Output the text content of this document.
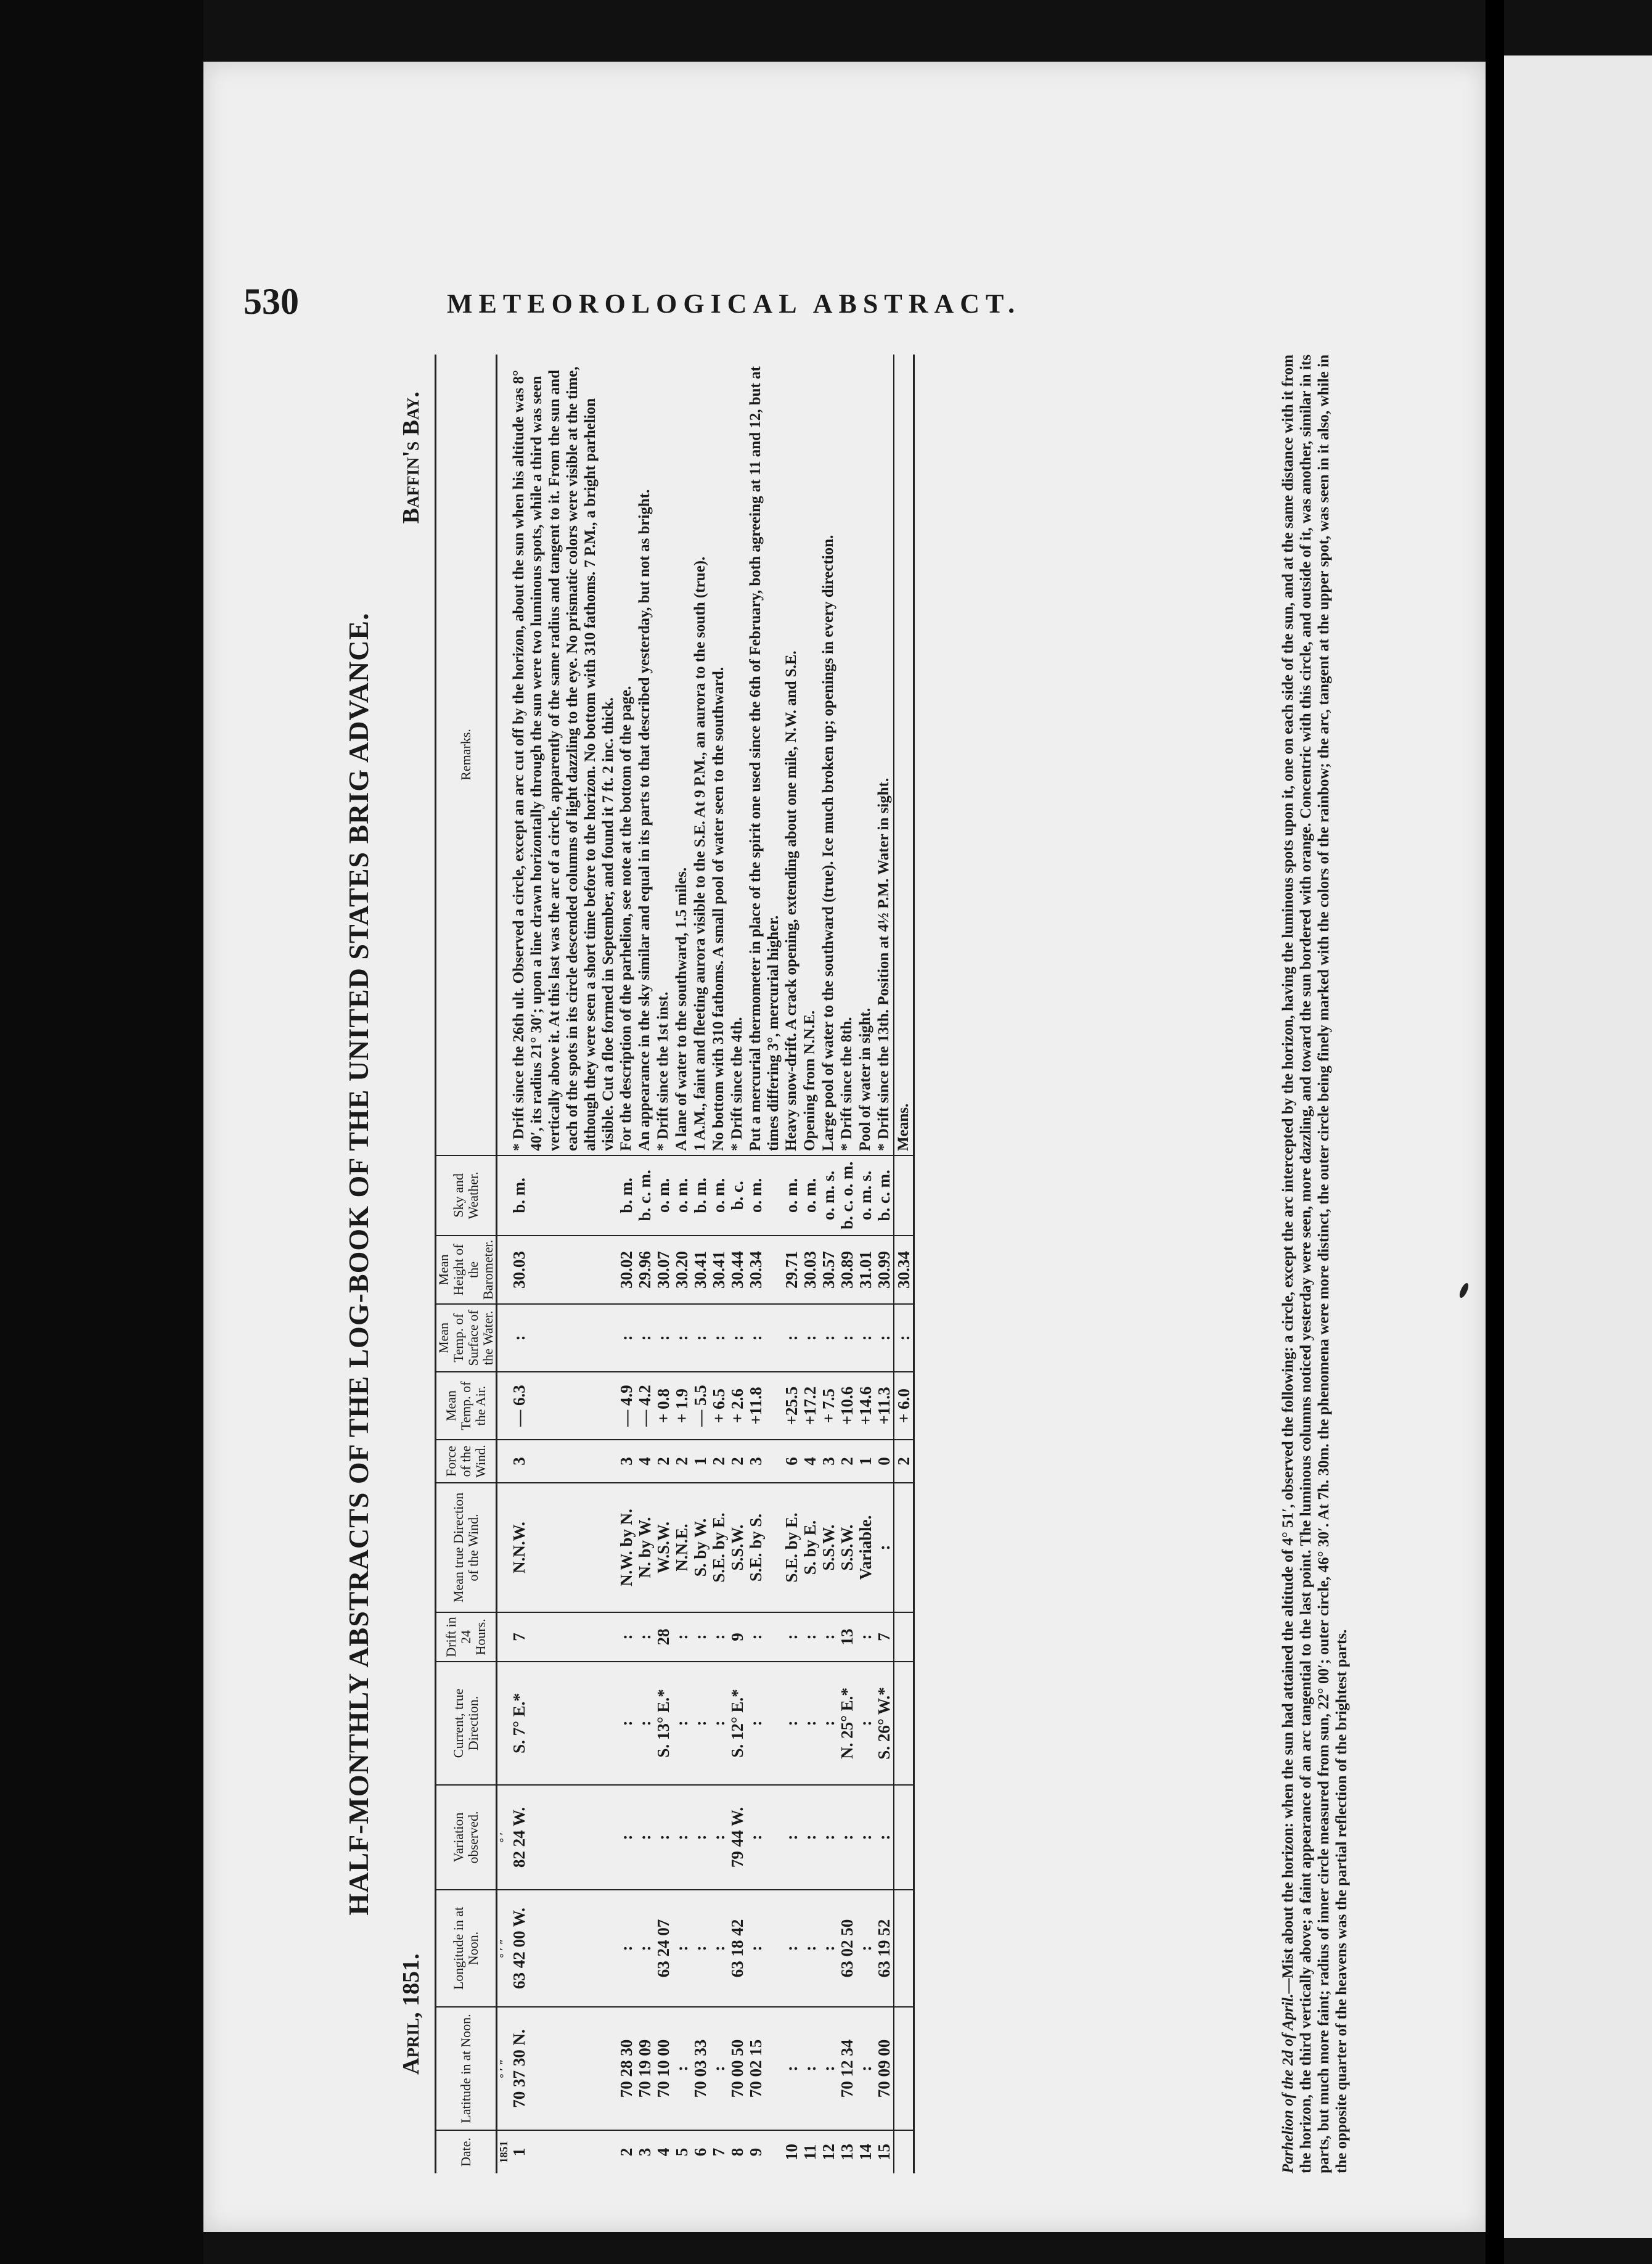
530	METEOROLOGICAL ABSTRACT.
HALF-MONTHLY ABSTRACTS OF THE LOG-BOOK OF THE UNITED STATES BRIG ADVANCE.
April, 1851.
Baffin's Bay.
Date.	Latitude in at Noon.	Longitude in at Noon.	Variation observed.	Current, true Direction.	Drift in 24 Hours.	Mean true Direction of the Wind.	Force of the Wind.	Mean Temp. of the Air.	Mean Temp. of Surface of the Water.	Mean Height of the Barometer.	Sky and Weather.	Remarks.
1851	° ′ ″	° ′ ″	° ′									
1	70 37 30 N.	63 42 00 W.	82 24 W.	S. 7° E.*	7	N.N.W.	3	— 6.3	:	30.03	b. m.	* Drift since the 26th ult. Observed a circle, except an arc cut off by the horizon, about the sun when his altitude was 8° 40′, its radius 21° 30′; upon a line drawn horizontally through the sun were two luminous spots, while a third was seen vertically above it. At this last was the arc of a circle, apparently of the same radius and tangent to it. From the sun and each of the spots in its circle descended columns of light dazzling to the eye. No prismatic colors were visible at the time, although they were seen a short time before to the horizon. No bottom with 310 fathoms. 7 P.M., a bright parhelion visible. Cut a floe formed in September, and found it 7 ft. 2 inc. thick.
2	70 28 30	:	:	:	:	N.W. by N.	3	— 4.9	:	30.02	b. m.	For the description of the parhelion, see note at the bottom of the page.
3	70 19 09	:	:	:	:	N. by W.	4	— 4.2	:	29.96	b. c. m.	An appearance in the sky similar and equal in its parts to that described yesterday, but not as bright.
4	70 10 00	63 24 07	:	S. 13° E.*	28	W.S.W.	2	+ 0.8	:	30.07	o. m.	* Drift since the 1st inst.
5	:	:	:	:	:	N.N.E.	2	+ 1.9	:	30.20	o. m.	A lane of water to the southward, 1.5 miles.
6	70 03 33	:	:	:	:	S. by W.	1	— 5.5	:	30.41	b. m.	1 A.M., faint and fleeting aurora visible to the S.E. At 9 P.M., an aurora to the south (true).
7	:	:	:	:	:	S.E. by E.	2	+ 6.5	:	30.41	o. m.	No bottom with 310 fathoms. A small pool of water seen to the southward.
8	70 00 50	63 18 42	79 44 W.	S. 12° E.*	9	S.S.W.	2	+ 2.6	:	30.44	b. c.	* Drift since the 4th.
9	70 02 15	:	:	:	:	S.E. by S.	3	+11.8	:	30.34	o. m.	Put a mercurial thermometer in place of the spirit one used since the 6th of February, both agreeing at 11 and 12, but at times differing 3°, mercurial higher.
10	:	:	:	:	:	S.E. by E.	6	+25.5	:	29.71	o. m.	Heavy snow-drift. A crack opening, extending about one mile, N.W. and S.E.
11	:	:	:	:	:	S. by E.	4	+17.2	:	30.03	o. m.	Opening from N.N.E.
12	:	:	:	:	:	S.S.W.	3	+ 7.5	:	30.57	o. m. s.	Large pool of water to the southward (true). Ice much broken up; openings in every direction.
13	70 12 34	63 02 50	:	N. 25° E.*	13	S.S.W.	2	+10.6	:	30.89	b. c. o. m.	* Drift since the 8th.
14	:	:	:	:	:	Variable.	1	+14.6	:	31.01	o. m. s.	Pool of water in sight.
15	70 09 00	63 19 52	:	S. 26° W.*	7	:	0	+11.3	:	30.99	b. c. m.	* Drift since the 13th. Position at 4½ P.M. Water in sight.
							2	+ 6.0	:	30.34		Means.
Parhelion of the 2d of April.—Mist about the horizon: when the sun had attained the altitude of 4° 51′, observed the following: a circle, except the arc intercepted by the horizon, having the luminous spots upon it, one on each side of the sun, and at the same distance with it from the horizon, the third vertically above; a faint appearance of an arc tangential to the last point. The luminous columns noticed yesterday were seen, more dazzling, and toward the sun bordered with orange. Concentric with this circle, and outside of it, was another, similar in its parts, but much more faint; radius of inner circle measured from sun, 22° 00′; outer circle, 46° 30′. At 7h. 30m. the phenomena were more distinct, the outer circle being finely marked with the colors of the rainbow; the arc, tangent at the upper spot, was seen in it also, while in the opposite quarter of the heavens was the partial reflection of the brightest parts.
